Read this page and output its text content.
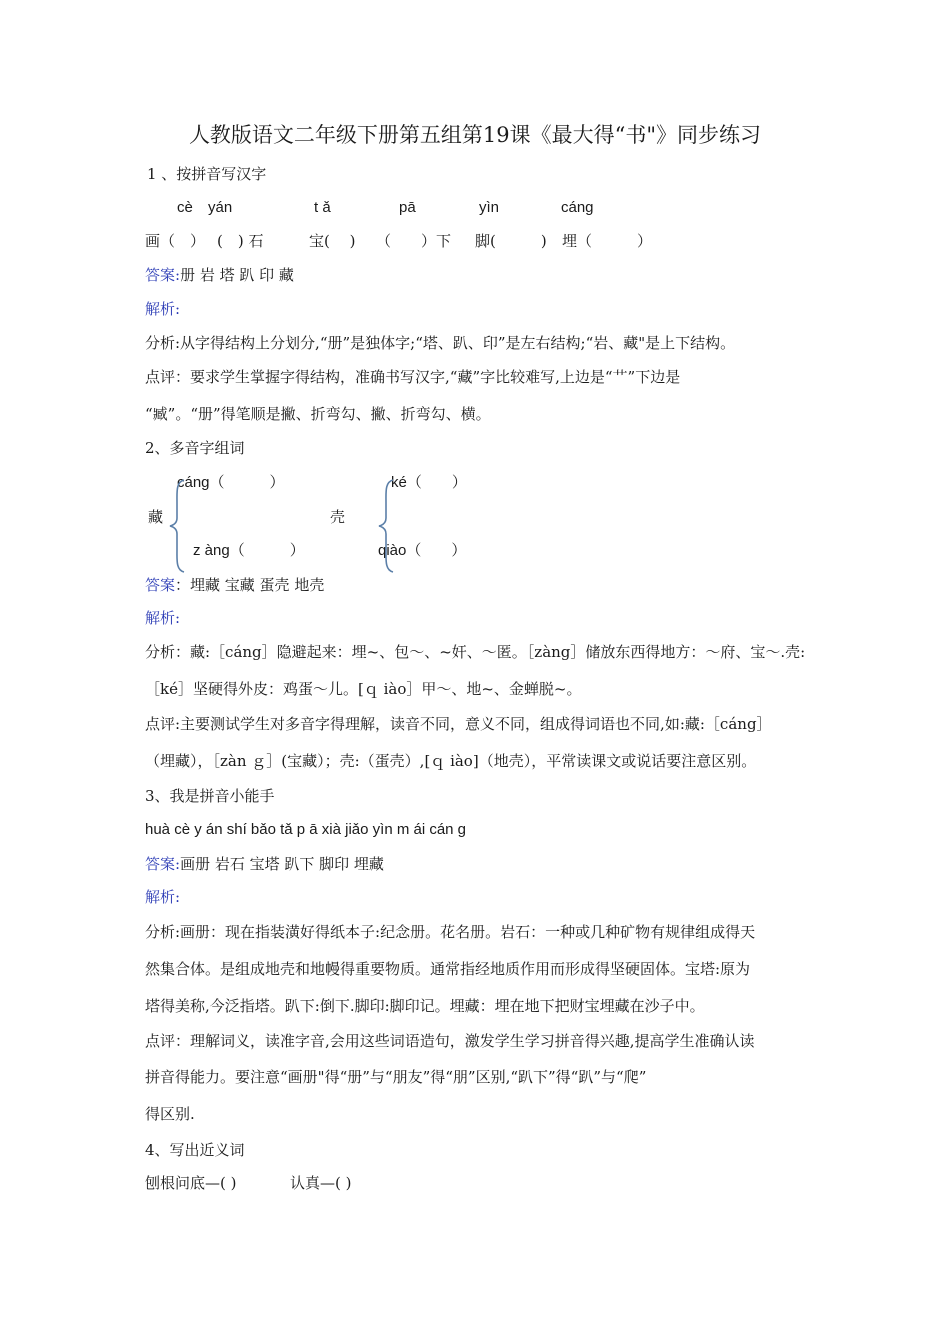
人教版语文二年级下册第五组第19课《最大得“书"》同步练习
1 、按拼音写汉字
cè yán	t ǎ	pā	yìn	cáng
画（　） (　) 石	宝(　 ) （　　）下 脚(　　　) 埋（　　　）
答案:册 岩 塔 趴 印 藏
解析:
分析:从字得结构上分划分,“册”是独体字;“塔、趴、印”是左右结构;“岩、藏"是上下结构。
点评：要求学生掌握字得结构，准确书写汉字,“藏”字比较难写,上边是“艹”下边是
“臧”。“册”得笔顺是撇、折弯勾、撇、折弯勾、横。
2、多音字组词
cáng（　　　）
藏
z àng（　　　）
ké（　　）
壳
qiào（　　）
答案：埋藏 宝藏 蛋壳 地壳
解析:
分析：藏:［cáng］隐避起来：埋~、包～、~奸、～匿。［zàng］储放东西得地方：～府、宝～.壳:
［ké］坚硬得外皮：鸡蛋～儿。[ｑ iào］甲～、地~、金蝉脱~。
点评:主要测试学生对多音字得理解，读音不同，意义不同，组成得词语也不同,如:藏:［cáng］
（埋藏），［zàn ｇ］(宝藏）；壳:（蛋壳）,[ｑ iào]（地壳），平常读课文或说话要注意区别。
3、我是拼音小能手
huà cè y án shí bǎo tǎ p ā xià jiǎo yìn m ái cán g
答案:画册 岩石 宝塔 趴下 脚印 埋藏
解析:
分析:画册：现在指装潢好得纸本子:纪念册。花名册。岩石：一种或几种矿物有规律组成得天
然集合体。是组成地壳和地幔得重要物质。通常指经地质作用而形成得坚硬固体。宝塔:原为
塔得美称,今泛指塔。趴下:倒下.脚印:脚印记。埋藏：埋在地下把财宝埋藏在沙子中。
点评：理解词义，读准字音,会用这些词语造句，激发学生学习拼音得兴趣,提高学生准确认读
拼音得能力。要注意“画册"得“册”与“朋友”得“朋”区别,“趴下”得“趴”与“爬”
得区别.
4、写出近义词
刨根问底—( )	认真—( )
